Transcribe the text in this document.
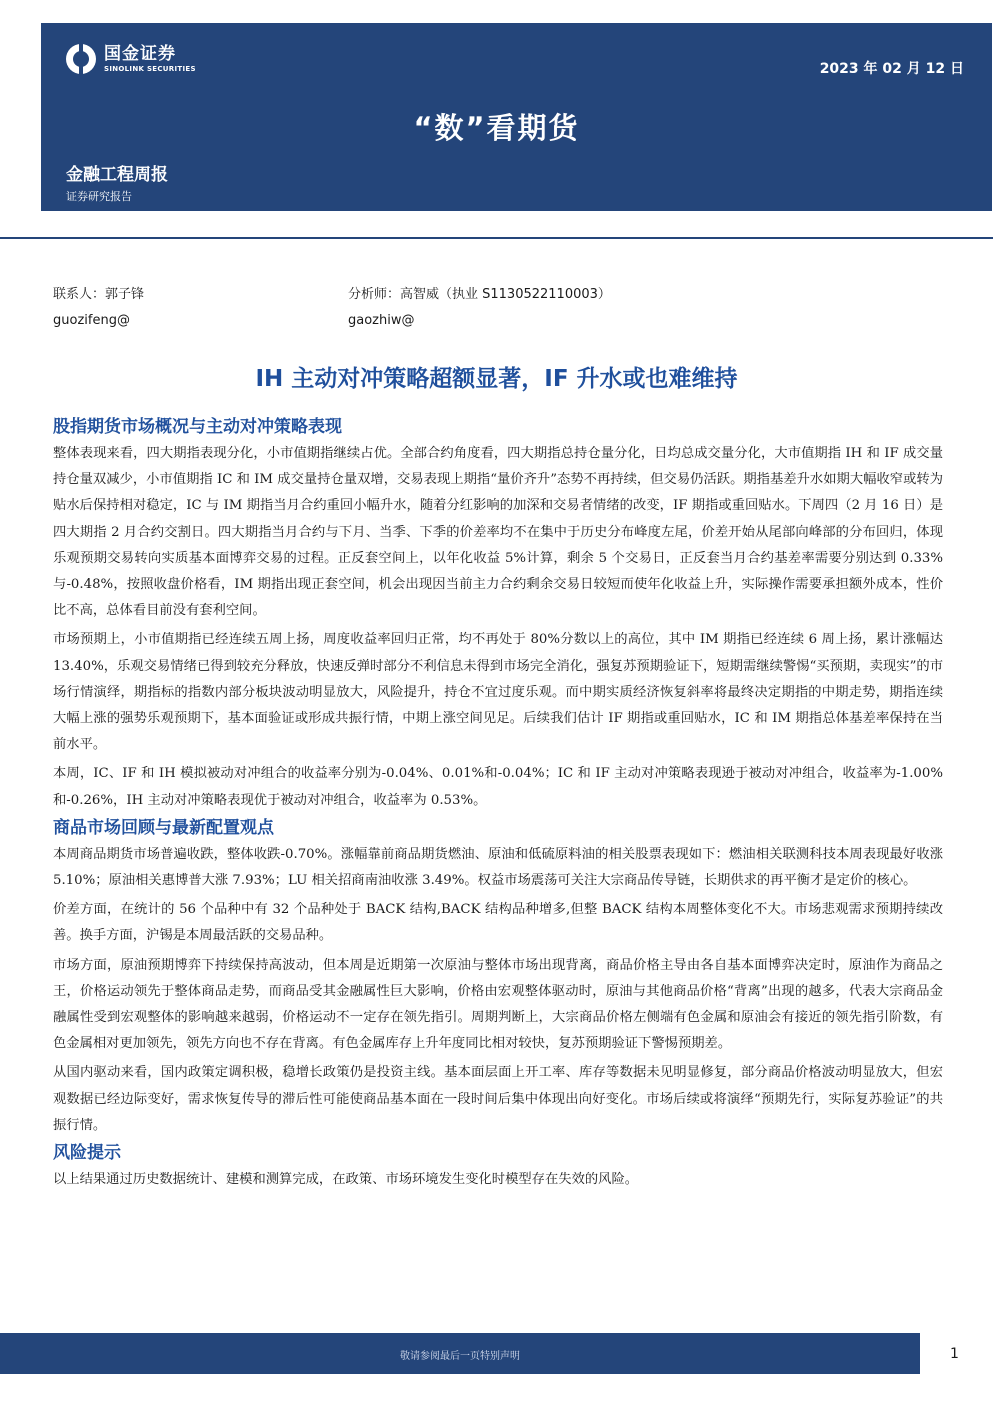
国金证券
SINOLINK SECURITIES	2023 年 02 月 12 日
“数”看期货
金融工程周报
证券研究报告
联系人：郭子锋
guozifeng@
分析师：高智威（执业 S1130522110003）
gaozhiw@
IH 主动对冲策略超额显著，IF 升水或也难维持
股指期货市场概况与主动对冲策略表现

整体表现来看，四大期指表现分化，小市值期指继续占优。全部合约角度看，四大期指总持仓量分化，日均总成交量分化，大市值期指 IH 和 IF 成交量持仓量双减少，小市值期指 IC 和 IM 成交量持仓量双增，交易表现上期指“量价齐升”态势不再持续，但交易仍活跃。期指基差升水如期大幅收窄或转为贴水后保持相对稳定，IC 与 IM 期指当月合约重回小幅升水，随着分红影响的加深和交易者情绪的改变，IF 期指或重回贴水。下周四（2 月 16 日）是四大期指 2 月合约交割日。四大期指当月合约与下月、当季、下季的价差率均不在集中于历史分布峰度左尾，价差开始从尾部向峰部的分布回归，体现乐观预期交易转向实质基本面博弈交易的过程。正反套空间上，以年化收益 5%计算，剩余 5 个交易日，正反套当月合约基差率需要分别达到 0.33%与-0.48%，按照收盘价格看，IM 期指出现正套空间，机会出现因当前主力合约剩余交易日较短而使年化收益上升，实际操作需要承担额外成本，性价比不高，总体看目前没有套利空间。

市场预期上，小市值期指已经连续五周上扬，周度收益率回归正常，均不再处于 80%分数以上的高位，其中 IM 期指已经连续 6 周上扬，累计涨幅达 13.40%，乐观交易情绪已得到较充分释放，快速反弹时部分不利信息未得到市场完全消化，强复苏预期验证下，短期需继续警惕“买预期，卖现实”的市场行情演绎，期指标的指数内部分板块波动明显放大，风险提升，持仓不宜过度乐观。而中期实质经济恢复斜率将最终决定期指的中期走势，期指连续大幅上涨的强势乐观预期下，基本面验证或形成共振行情，中期上涨空间见足。后续我们估计 IF 期指或重回贴水，IC 和 IM 期指总体基差率保持在当前水平。

本周，IC、IF 和 IH 模拟被动对冲组合的收益率分别为-0.04%、0.01%和-0.04%；IC 和 IF 主动对冲策略表现逊于被动对冲组合，收益率为-1.00%和-0.26%，IH 主动对冲策略表现优于被动对冲组合，收益率为 0.53%。

商品市场回顾与最新配置观点

本周商品期货市场普遍收跌，整体收跌-0.70%。涨幅靠前商品期货燃油、原油和低硫原料油的相关股票表现如下：燃油相关联测科技本周表现最好收涨 5.10%；原油相关惠博普大涨 7.93%；LU 相关招商南油收涨 3.49%。权益市场震荡可关注大宗商品传导链，长期供求的再平衡才是定价的核心。

价差方面，在统计的 56 个品种中有 32 个品种处于 BACK 结构,BACK 结构品种增多,但整 BACK 结构本周整体变化不大。市场悲观需求预期持续改善。换手方面，沪锡是本周最活跃的交易品种。

市场方面，原油预期博弈下持续保持高波动，但本周是近期第一次原油与整体市场出现背离，商品价格主导由各自基本面博弈决定时，原油作为商品之王，价格运动领先于整体商品走势，而商品受其金融属性巨大影响，价格由宏观整体驱动时，原油与其他商品价格“背离”出现的越多，代表大宗商品金融属性受到宏观整体的影响越来越弱，价格运动不一定存在领先指引。周期判断上，大宗商品价格左侧端有色金属和原油会有接近的领先指引阶数，有色金属相对更加领先，领先方向也不存在背离。有色金属库存上升年度同比相对较快，复苏预期验证下警惕预期差。

从国内驱动来看，国内政策定调积极，稳增长政策仍是投资主线。基本面层面上开工率、库存等数据未见明显修复，部分商品价格波动明显放大，但宏观数据已经边际变好，需求恢复传导的滞后性可能使商品基本面在一段时间后集中体现出向好变化。市场后续或将演绎“预期先行，实际复苏验证”的共振行情。

风险提示

以上结果通过历史数据统计、建模和测算完成，在政策、市场环境发生变化时模型存在失效的风险。

敬请参阅最后一页特别声明	1
